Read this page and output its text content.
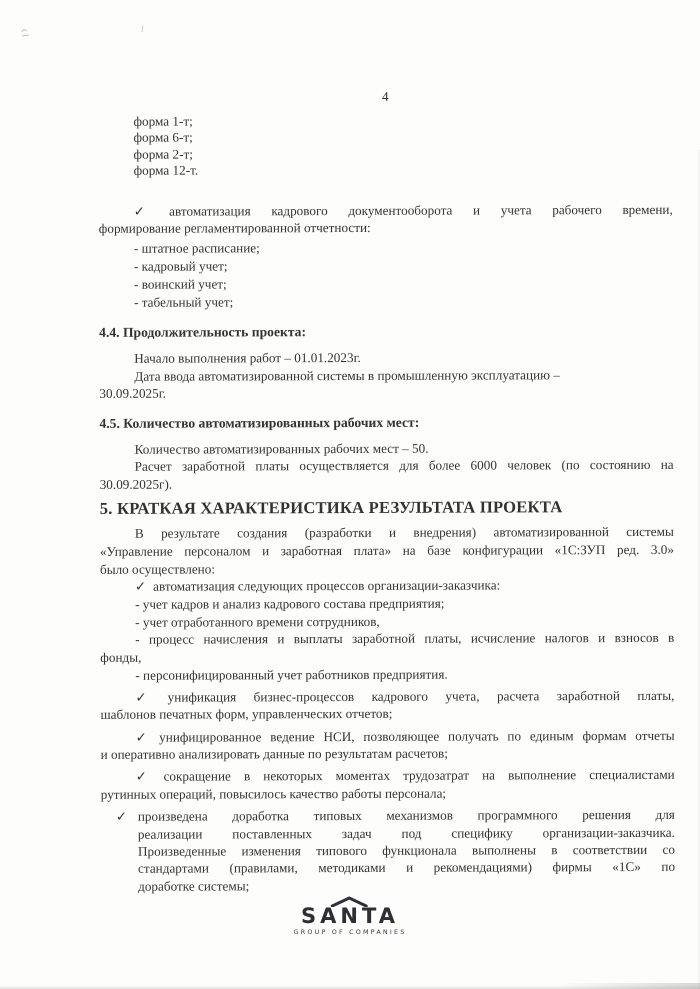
4

форма 1-т;

форма 6-т;

форма 2-т;

форма 12-т.

✓ автоматизация кадрового документооборота и учета рабочего времени,

формирование регламентированной отчетности:

- штатное расписание;

- кадровый учет;

- воинский учет;

- табельный учет;

4.4. Продолжительность проекта:

Начало выполнения работ – 01.01.2023г.

Дата ввода автоматизированной системы в промышленную эксплуатацию –

30.09.2025г.

4.5. Количество автоматизированных рабочих мест:

Количество автоматизированных рабочих мест – 50.

Расчет заработной платы осуществляется для более 6000 человек (по состоянию на

30.09.2025г).

5. КРАТКАЯ ХАРАКТЕРИСТИКА РЕЗУЛЬТАТА ПРОЕКТА

В результате создания (разработки и внедрения) автоматизированной системы

«Управление персоналом и заработная плата» на базе конфигурации «1С:ЗУП ред. 3.0»

было осуществлено:

✓ автоматизация следующих процессов организации-заказчика:

- учет кадров и анализ кадрового состава предприятия;

- учет отработанного времени сотрудников,

- процесс начисления и выплаты заработной платы, исчисление налогов и взносов в

фонды,

- персонифицированный учет работников предприятия.

✓ унификация бизнес-процессов кадрового учета, расчета заработной платы,

шаблонов печатных форм, управленческих отчетов;

✓ унифицированное ведение НСИ, позволяющее получать по единым формам отчеты

и оперативно анализировать данные по результатам расчетов;

✓ сокращение в некоторых моментах трудозатрат на выполнение специалистами

рутинных операций, повысилось качество работы персонала;

✓ произведена доработка типовых механизмов программного решения для
реализации поставленных задач под специфику организации-заказчика.
Произведенные изменения типового функционала выполнены в соответствии со
стандартами (правилами, методиками и рекомендациями) фирмы «1С» по
доработке системы;
SANTA
GROUP OF COMPANIES
